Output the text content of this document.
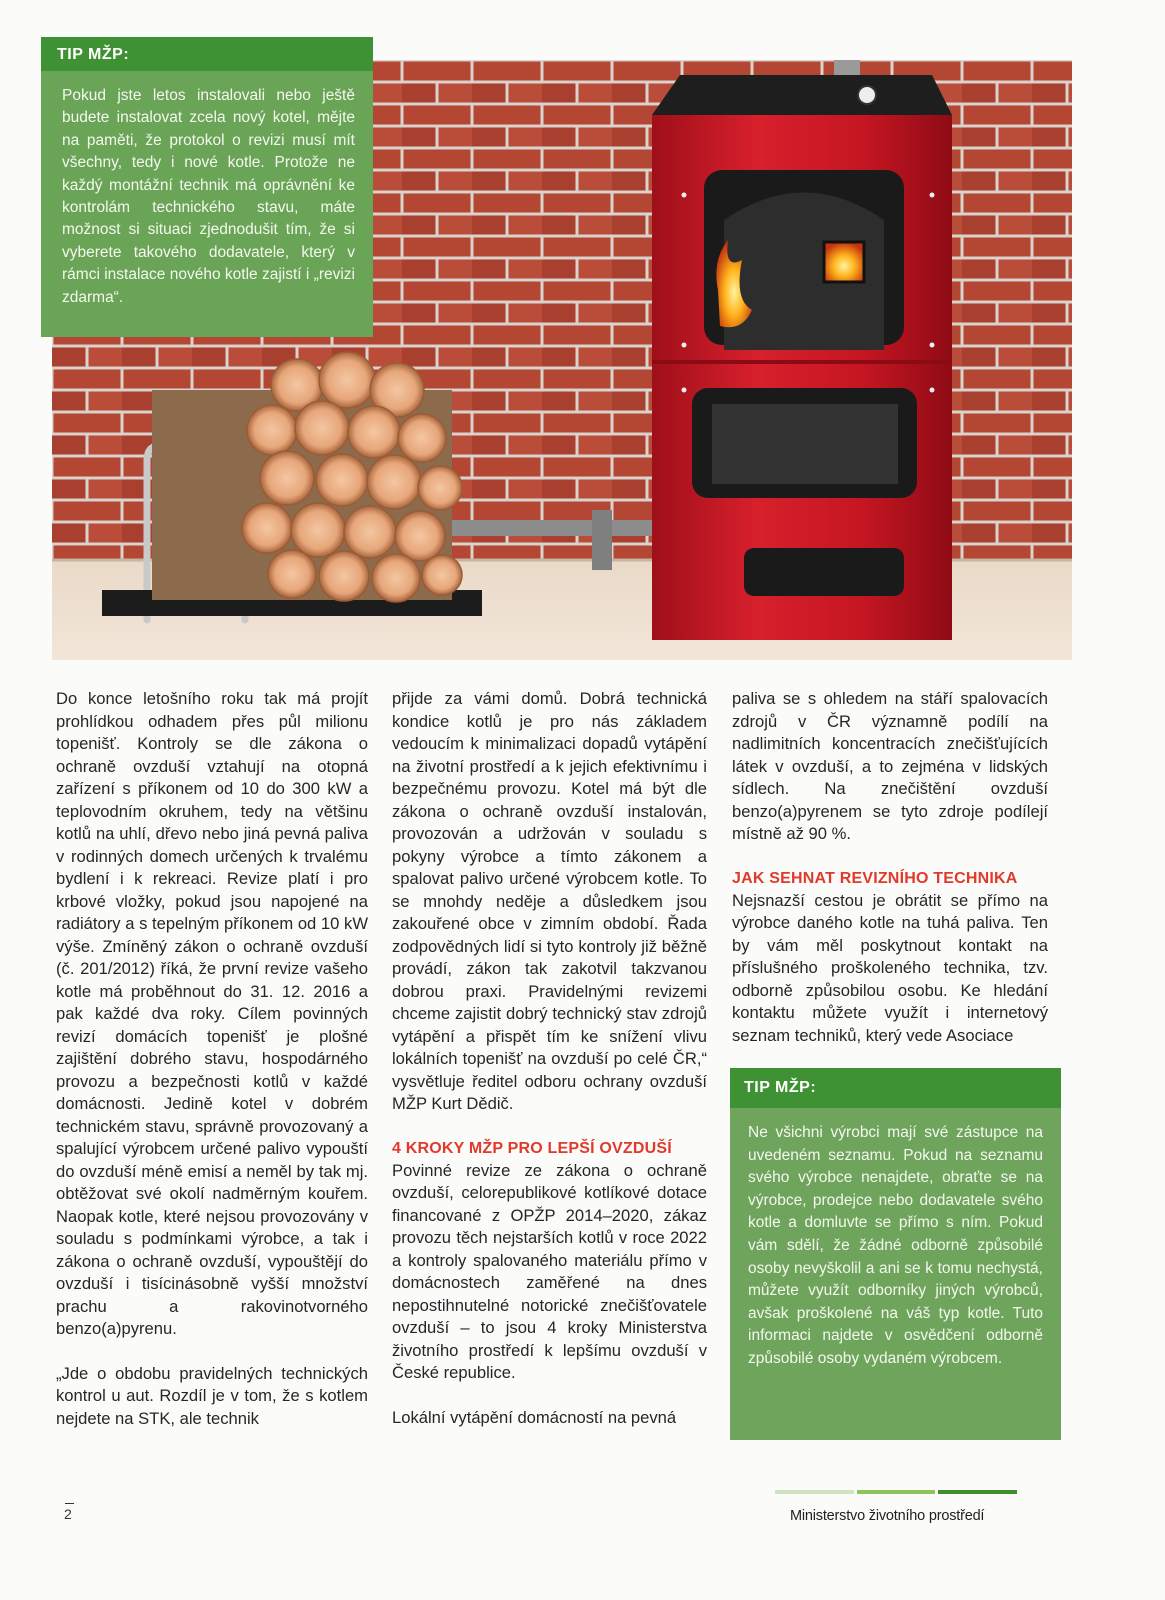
TIP MŽP:
Pokud jste letos instalovali nebo ještě budete instalovat zcela nový kotel, mějte na paměti, že protokol o revizi musí mít všechny, tedy i nové kotle. Protože ne každý montážní technik má oprávnění ke kontrolám technického stavu, máte možnost si situaci zjednodušit tím, že si vyberete takového dodavatele, který v rámci instalace nového kotle zajistí i „revizi zdarma“.

Do konce letošního roku tak má projít prohlídkou odhadem přes půl milionu topenišť. Kontroly se dle zákona o ochraně ovzduší vztahují na otopná zařízení s příkonem od 10 do 300 kW a teplovodním okruhem, tedy na většinu kotlů na uhlí, dřevo nebo jiná pevná paliva v rodinných domech určených k trvalému bydlení i k rekreaci. Revize platí i pro krbové vložky, pokud jsou napojené na radiátory a s tepelným příkonem od 10 kW výše. Zmíněný zákon o ochraně ovzduší (č. 201/2012) říká, že první revize vašeho kotle má proběhnout do 31. 12. 2016 a pak každé dva roky. Cílem povinných revizí domácích topenišť je plošné zajištění dobrého stavu, hospodárného provozu a bezpečnosti kotlů v každé domácnosti. Jedině kotel v dobrém technickém stavu, správně provozovaný a spalující výrobcem určené palivo vypouští do ovzduší méně emisí a neměl by tak mj. obtěžovat své okolí nadměrným kouřem. Naopak kotle, které nejsou provozovány v souladu s podmínkami výrobce, a tak i zákona o ochraně ovzduší, vypouštějí do ovzduší i tisícinásobně vyšší množství prachu a rakovinotvorného benzo(a)pyrenu.

„Jde o obdobu pravidelných technických kontrol u aut. Rozdíl je v tom, že s kotlem nejdete na STK, ale technik

přijde za vámi domů. Dobrá technická kondice kotlů je pro nás základem vedoucím k minimalizaci dopadů vytápění na životní prostředí a k jejich efektivnímu i bezpečnému provozu. Kotel má být dle zákona o ochraně ovzduší instalován, provozován a udržován v souladu s pokyny výrobce a tímto zákonem a spalovat palivo určené výrobcem kotle. To se mnohdy neděje a důsledkem jsou zakouřené obce v zimním období. Řada zodpovědných lidí si tyto kontroly již běžně provádí, zákon tak zakotvil takzvanou dobrou praxi. Pravidelnými revizemi chceme zajistit dobrý technický stav zdrojů vytápění a přispět tím ke snížení vlivu lokálních topenišť na ovzduší po celé ČR,“ vysvětluje ředitel odboru ochrany ovzduší MŽP Kurt Dědič.

4 KROKY MŽP PRO LEPŠÍ OVZDUŠÍ

Povinné revize ze zákona o ochraně ovzduší, celorepublikové kotlíkové dotace financované z OPŽP 2014–2020, zákaz provozu těch nejstarších kotlů v roce 2022 a kontroly spalovaného materiálu přímo v domácnostech zaměřené na dnes nepostihnutelné notorické znečišťovatele ovzduší – to jsou 4 kroky Ministerstva životního prostředí k lepšímu ovzduší v České republice.

Lokální vytápění domácností na pevná

paliva se s ohledem na stáří spalovacích zdrojů v ČR významně podílí na nadlimitních koncentracích znečišťujících látek v ovzduší, a to zejména v lidských sídlech. Na znečištění ovzduší benzo(a)pyrenem se tyto zdroje podílejí místně až 90 %.

JAK SEHNAT REVIZNÍHO TECHNIKA

Nejsnazší cestou je obrátit se přímo na výrobce daného kotle na tuhá paliva. Ten by vám měl poskytnout kontakt na příslušného proškoleného technika, tzv. odborně způsobilou osobu. Ke hledání kontaktu můžete využít i internetový seznam techniků, který vede Asociace

TIP MŽP:
Ne všichni výrobci mají své zástupce na uvedeném seznamu. Pokud na seznamu svého výrobce nenajdete, obraťte se na výrobce, prodejce nebo dodavatele svého kotle a domluvte se přímo s ním. Pokud vám sdělí, že žádné odborně způsobilé osoby nevyškolil a ani se k tomu nechystá, můžete využít odborníky jiných výrobců, avšak proškolené na váš typ kotle. Tuto informaci najdete v osvědčení odborně způsobilé osoby vydaném výrobcem.
2	Ministerstvo životního prostředí
